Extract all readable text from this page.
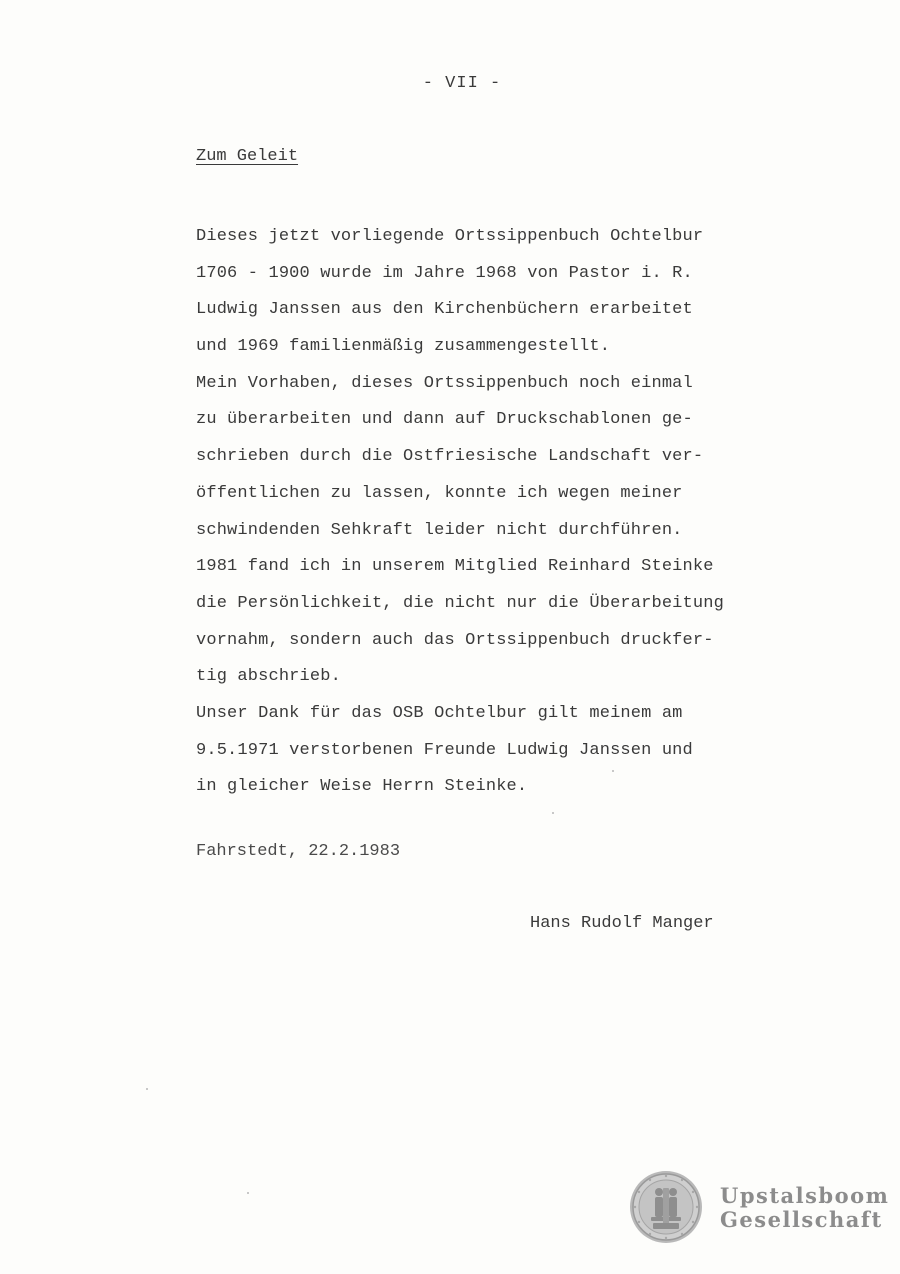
- VII -
Zum Geleit
Dieses jetzt vorliegende Ortssippenbuch Ochtelbur
1706 - 1900 wurde im Jahre 1968 von Pastor i. R.
Ludwig Janssen aus den Kirchenbüchern erarbeitet
und 1969 familienmäßig zusammengestellt.
Mein Vorhaben, dieses Ortssippenbuch noch einmal
zu überarbeiten und dann auf Druckschablonen ge-
schrieben durch die Ostfriesische Landschaft ver-
öffentlichen zu lassen, konnte ich wegen meiner
schwindenden Sehkraft leider nicht durchführen.
1981 fand ich in unserem Mitglied Reinhard Steinke
die Persönlichkeit, die nicht nur die Überarbeitung
vornahm, sondern auch das Ortssippenbuch druckfer-
tig abschrieb.
Unser Dank für das OSB Ochtelbur gilt meinem am
9.5.1971 verstorbenen Freunde Ludwig Janssen und
in gleicher Weise Herrn Steinke.
Fahrstedt, 22.2.1983
Hans Rudolf Manger
Upstalsboom
Gesellschaft
